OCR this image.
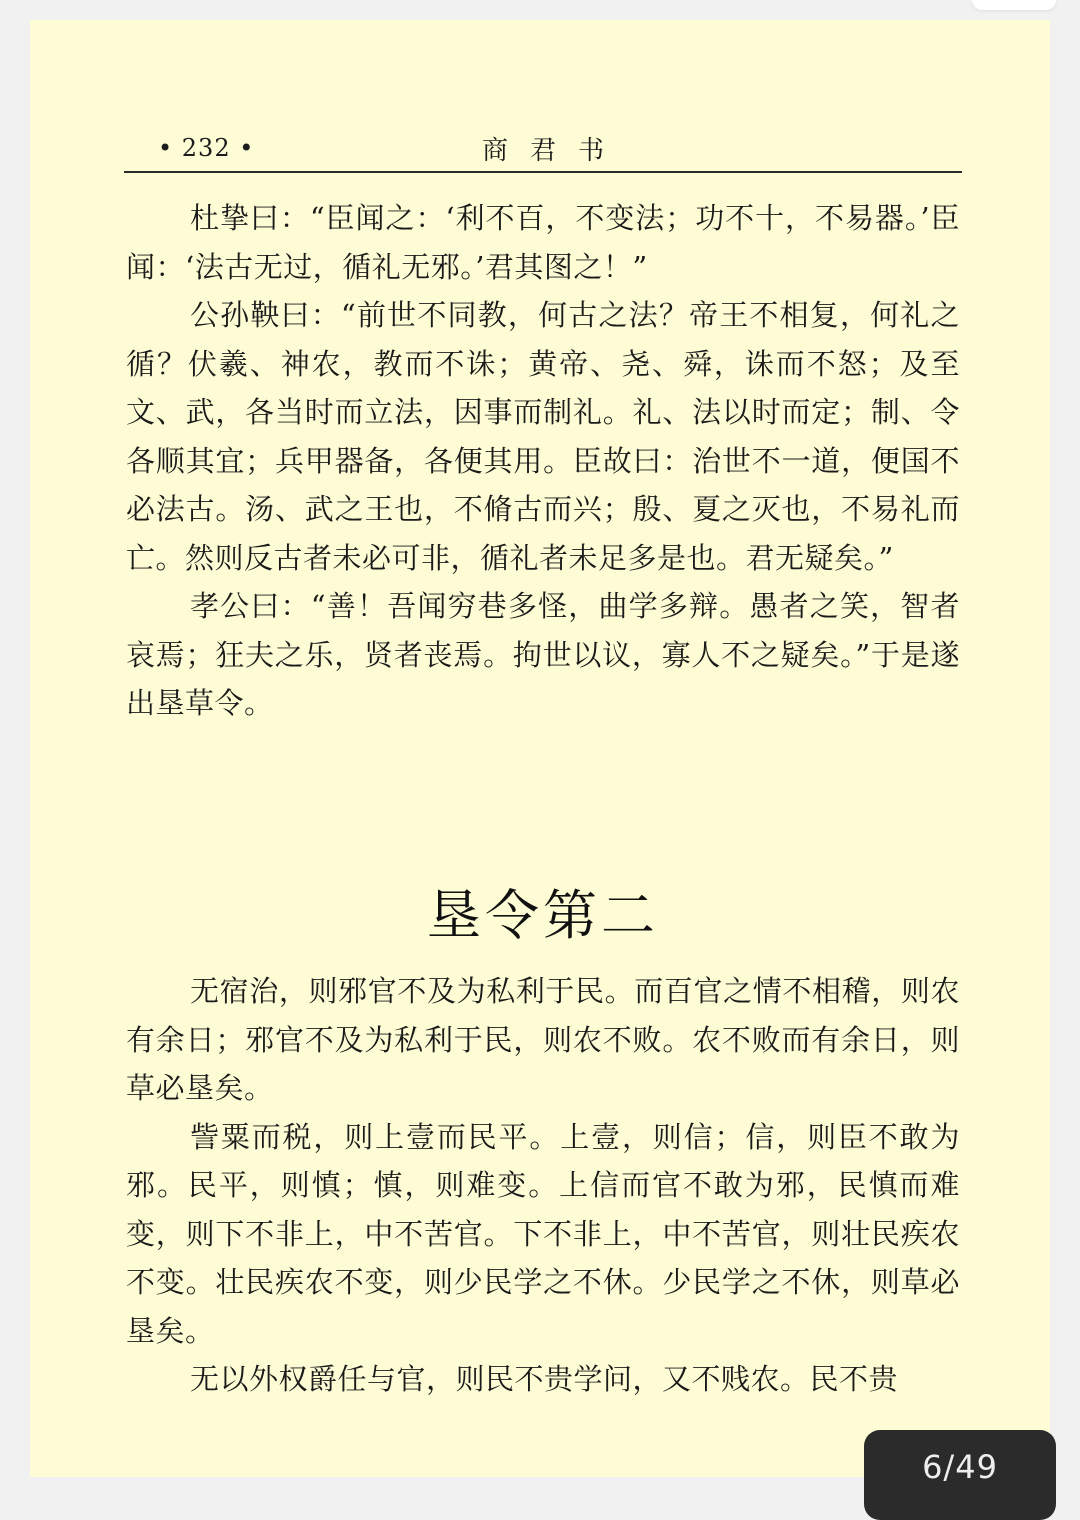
• 232 •	商君书

杜挚曰：“臣闻之：‘利不百，不变法；功不十，不易器。’臣闻：‘法古无过，循礼无邪。’君其图之！”

公孙鞅曰：“前世不同教，何古之法？帝王不相复，何礼之循？伏羲、神农，教而不诛；黄帝、尧、舜，诛而不怒；及至文、武，各当时而立法，因事而制礼。礼、法以时而定；制、令各顺其宜；兵甲器备，各便其用。臣故曰：治世不一道，便国不必法古。汤、武之王也，不脩古而兴；殷、夏之灭也，不易礼而亡。然则反古者未必可非，循礼者未足多是也。君无疑矣。”

孝公曰：“善！吾闻穷巷多怪，曲学多辩。愚者之笑，智者哀焉；狂夫之乐，贤者丧焉。拘世以议，寡人不之疑矣。”于是遂出垦草令。

垦令第二

无宿治，则邪官不及为私利于民。而百官之情不相稽，则农有余日；邪官不及为私利于民，则农不败。农不败而有余日，则草必垦矣。

訾粟而税，则上壹而民平。上壹，则信；信，则臣不敢为邪。民平，则慎；慎，则难变。上信而官不敢为邪，民慎而难变，则下不非上，中不苦官。下不非上，中不苦官，则壮民疾农不变。壮民疾农不变，则少民学之不休。少民学之不休，则草必垦矣。

无以外权爵任与官，则民不贵学问，又不贱农。民不贵

6/49
